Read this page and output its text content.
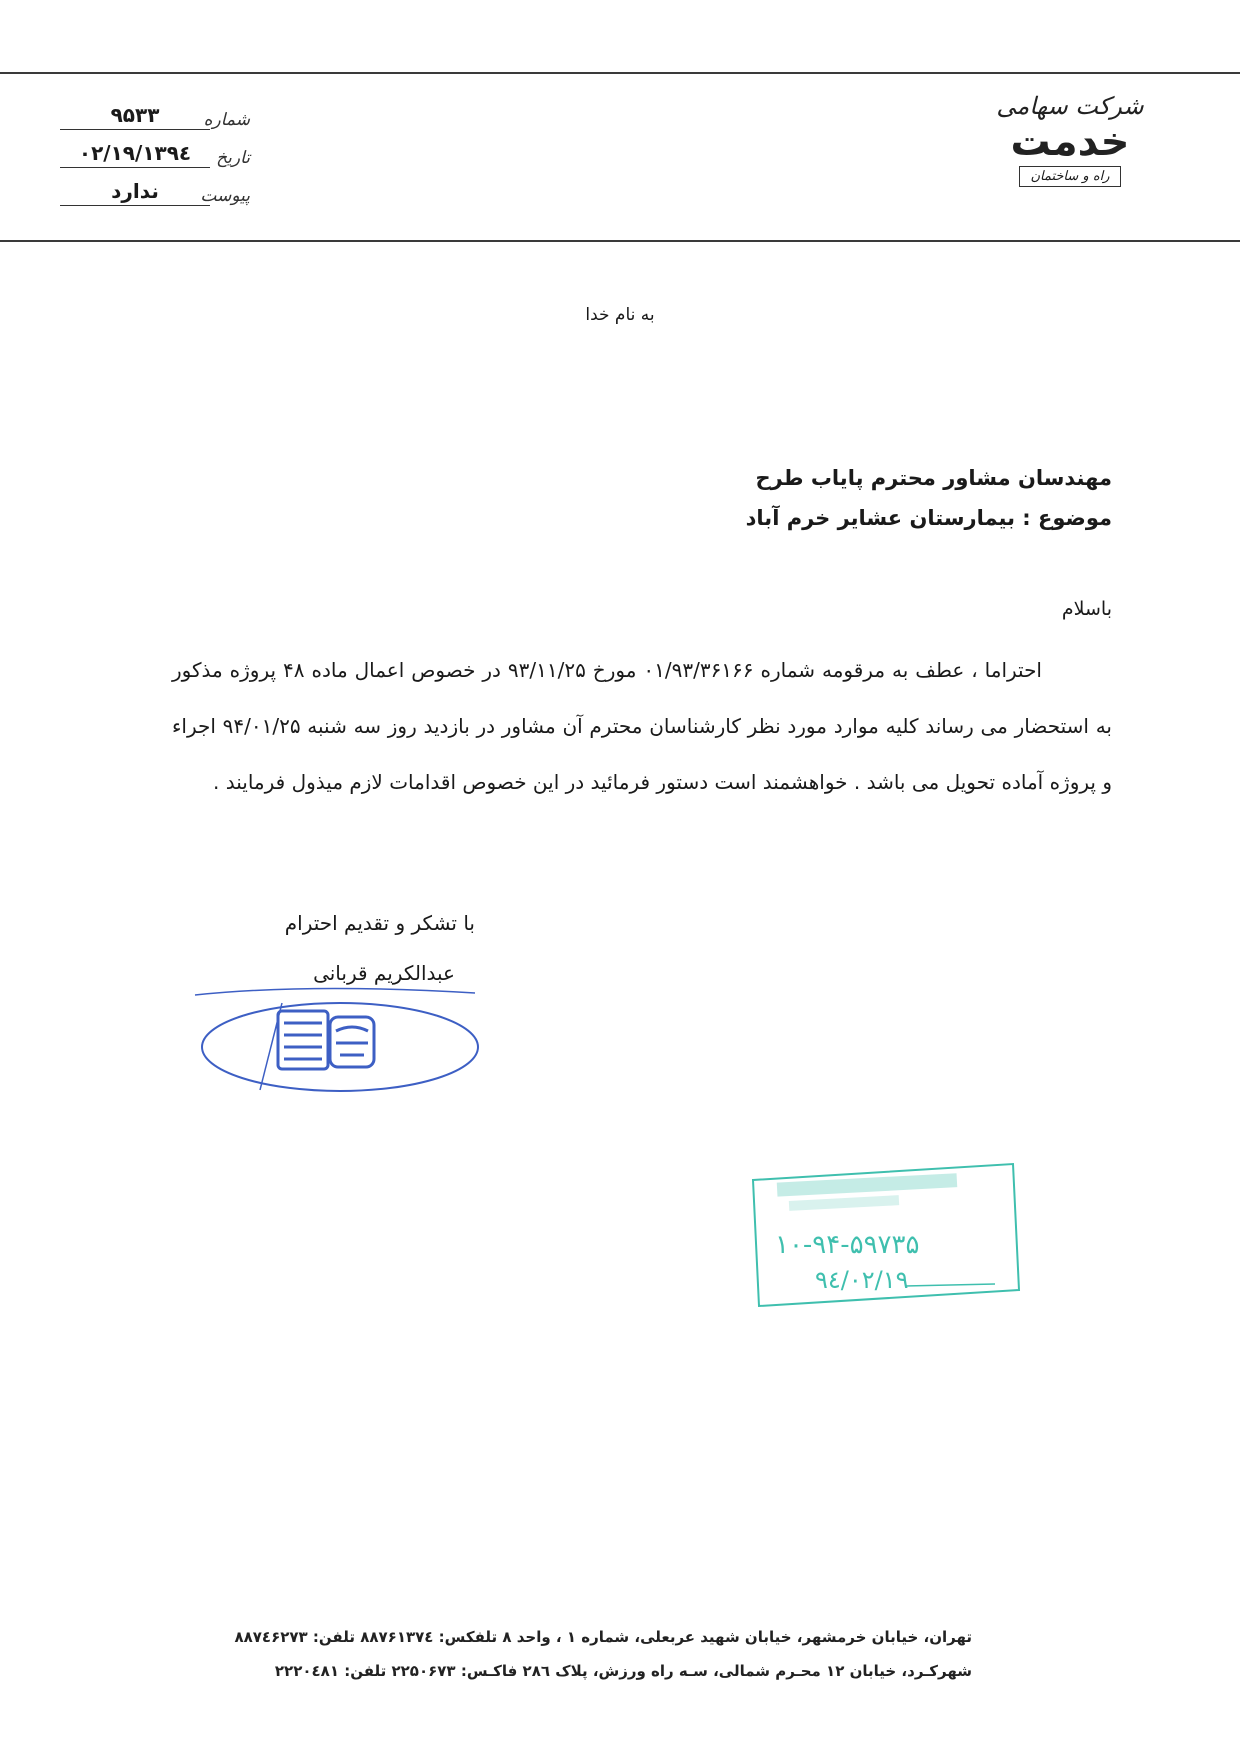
شماره
۹۵۳۳
تاریخ
۱۳۹٤/۰۲/۱۹
پیوست
ندارد
شرکت سهامی
خدمت
راه و ساختمان
به نام خدا
مهندسان مشاور محترم پایاب طرح
موضوع : بیمارستان عشایر خرم آباد
باسلام
احتراما ، عطف به مرقومه شماره ۰۱/۹۳/۳۶۱۶۶ مورخ ۹۳/۱۱/۲۵ در خصوص اعمال ماده ۴۸ پروژه مذکور به استحضار می رساند کلیه موارد مورد نظر کارشناسان محترم آن مشاور در بازدید روز سه شنبه ۹۴/۰۱/۲۵ اجراء و پروژه آماده تحویل می باشد . خواهشمند است دستور فرمائید در این خصوص اقدامات لازم میذول فرمایند .
با تشکر و تقدیم احترام
عبدالکریم قربانی
۱۰-۹۴-۵۹۷۳۵
۹٤/۰۲/۱۹
تهران، خیابان خرمشهر، خیابان شهید عربعلی، شماره ۱ ، واحد ۸ تلفکس: ۸۸۷۶۱۳۷٤ تلفن: ۸۸۷٤۶۲۷۳
شهرکـرد، خیابان ۱۲ محـرم شمالی، سـه راه ورزش، پلاک ۲۸٦ فاکـس: ۲۲۵۰۶۷۳ تلفن: ۲۲۲۰٤۸۱
